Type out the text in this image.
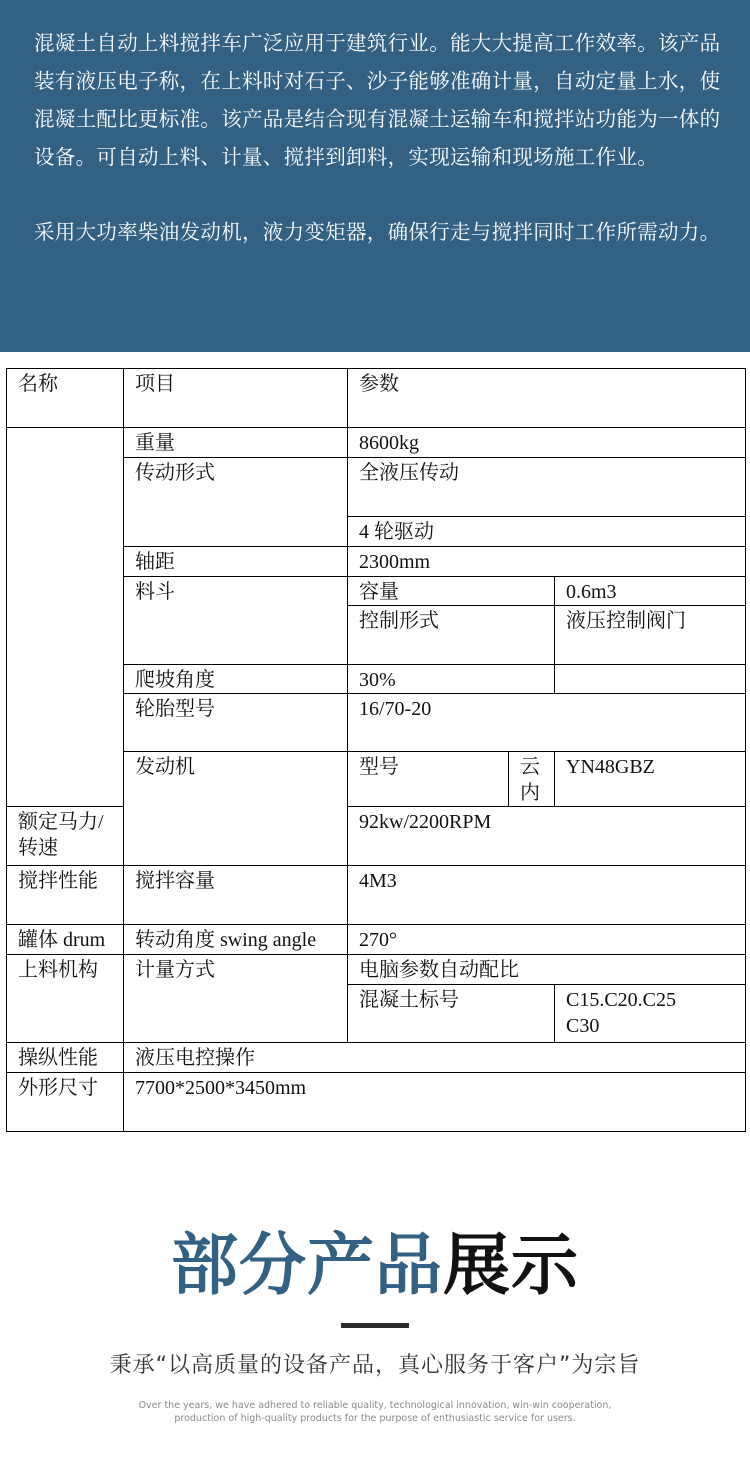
混凝土自动上料搅拌车广泛应用于建筑行业。能大大提高工作效率。该产品装有液压电子称，在上料时对石子、沙子能够准确计量，自动定量上水，使混凝土配比更标准。该产品是结合现有混凝土运输车和搅拌站功能为一体的设备。可自动上料、计量、搅拌到卸料，实现运输和现场施工作业。

采用大功率柴油发动机，液力变矩器，确保行走与搅拌同时工作所需动力。

名称	项目	参数		
	重量	8600kg		
	传动形式	全液压传动		
		4 轮驱动		
	轴距	2300mm		
	料斗	容量		0.6m3
		控制形式		液压控制阀门
	爬坡角度	30%		
	轮胎型号	16/70-20		
	发动机	型号	云内	YN48GBZ
额定马力/转速		92kw/2200RPM		
搅拌性能	搅拌容量	4M3		
罐体 drum	转动角度 swing angle	270°		
上料机构	计量方式	电脑参数自动配比		
		混凝土标号		C15.C20.C25
C30

操纵性能	液压电控操作			
外形尺寸	7700*2500*3450mm			
部分产品展示
秉承“以高质量的设备产品，真心服务于客户”为宗旨
Over the years, we have adhered to reliable quality, technological innovation, win-win cooperation,
production of high-quality products for the purpose of enthusiastic service for users.
